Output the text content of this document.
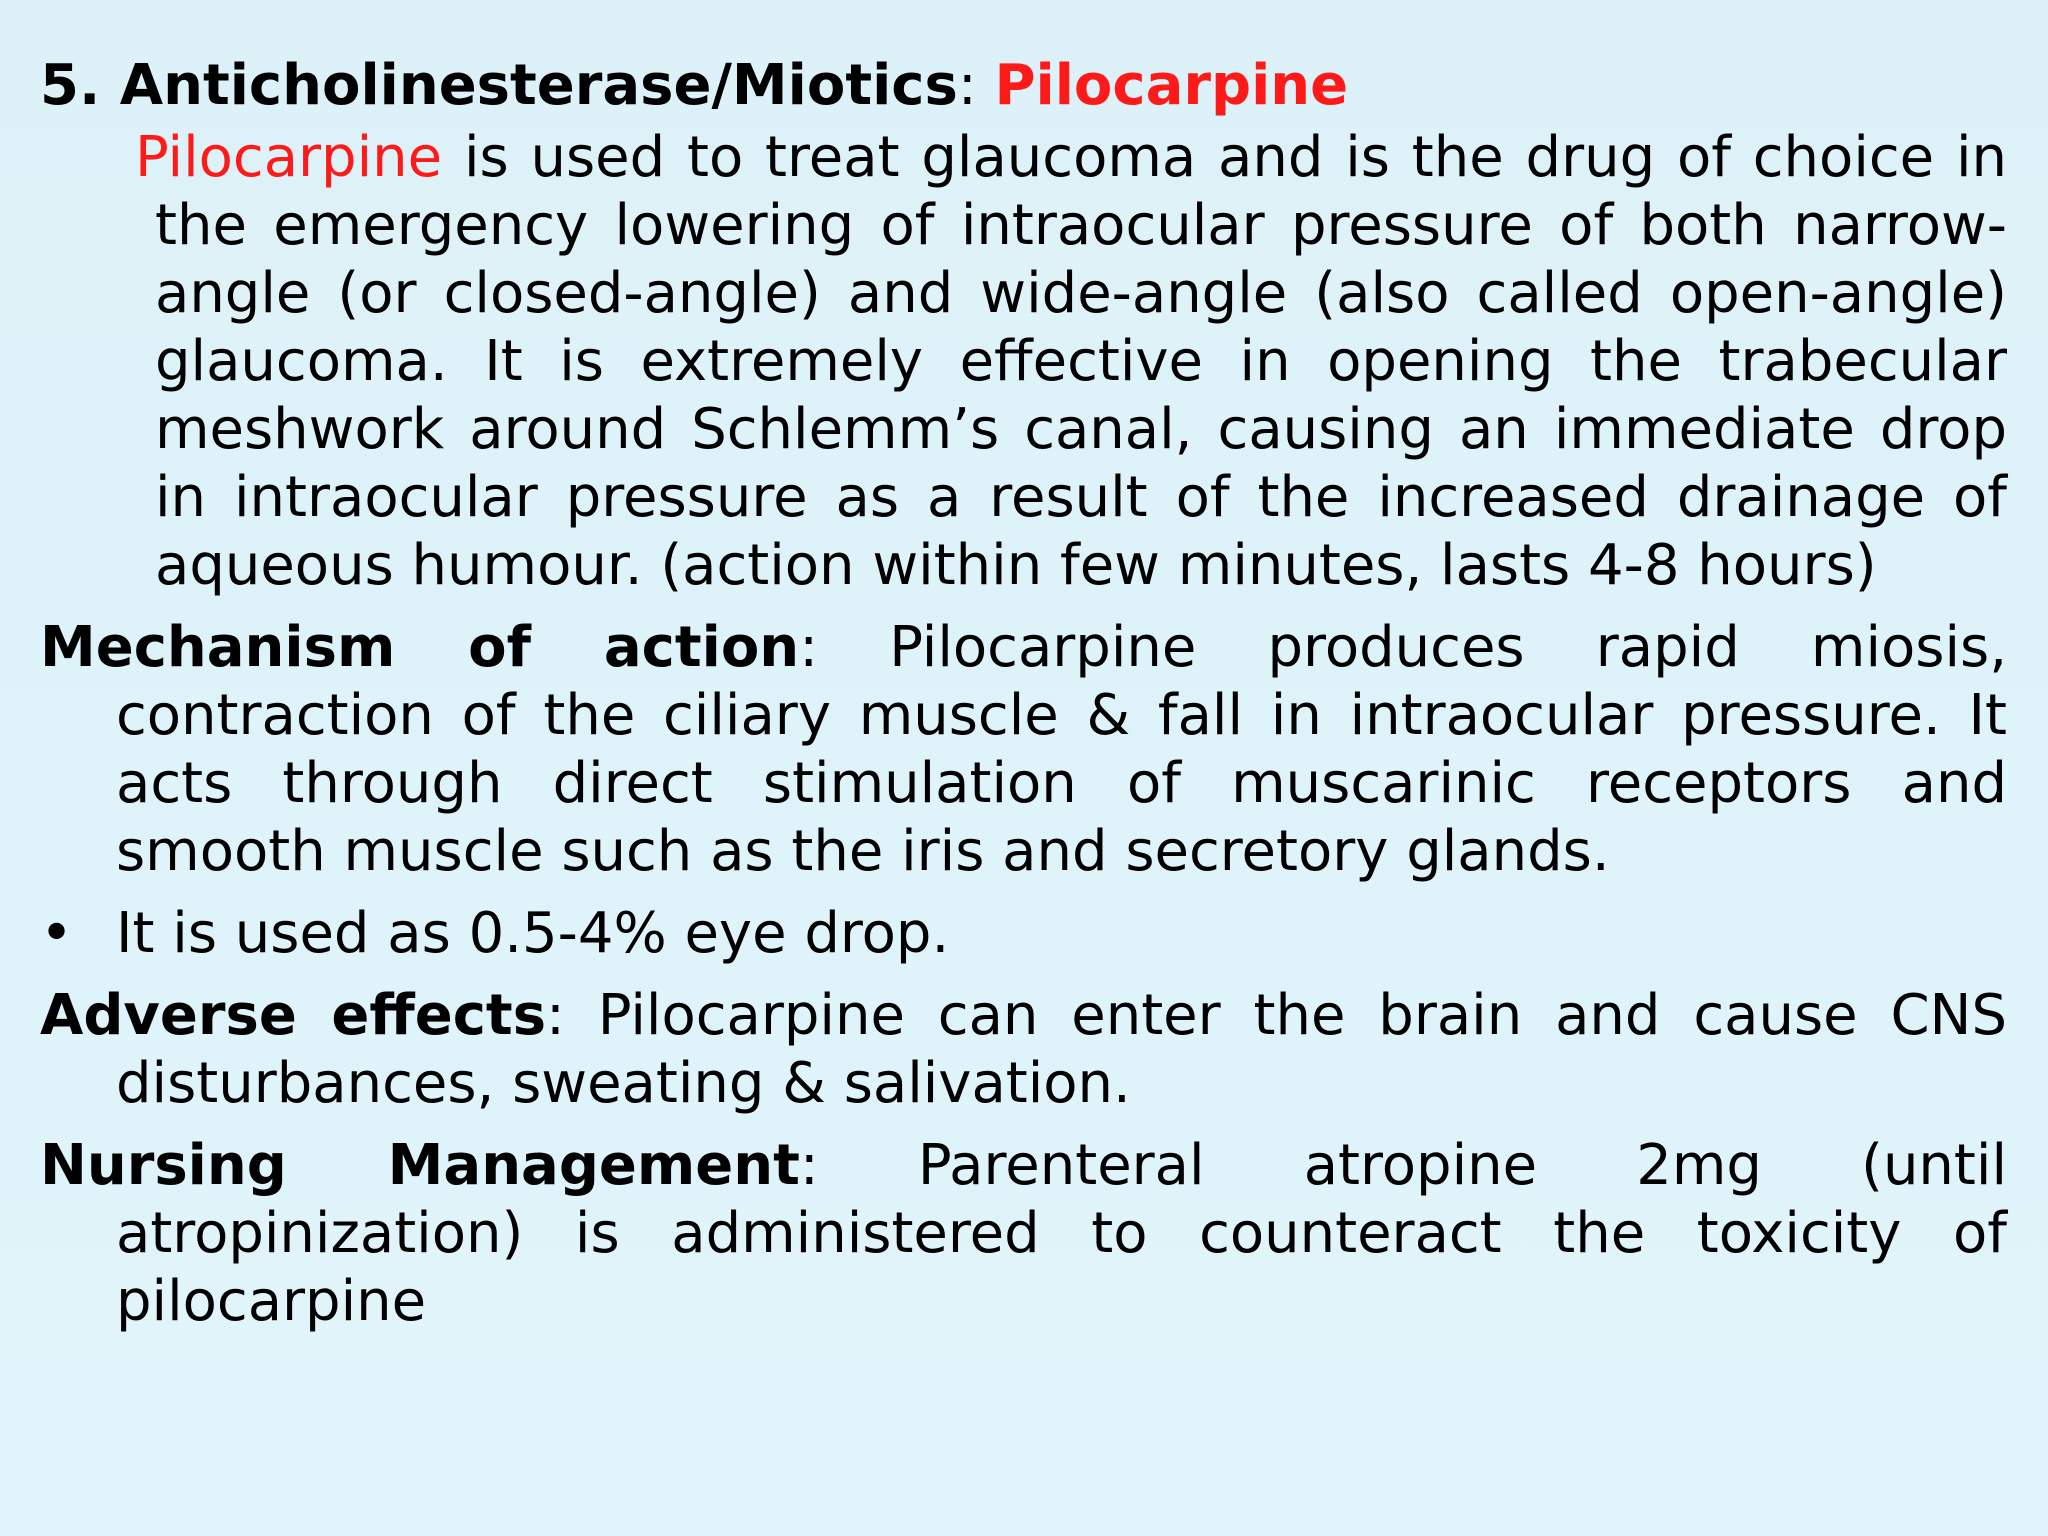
5. Anticholinesterase/Miotics: Pilocarpine

Pilocarpine is used to treat glaucoma and is the drug of choice in the emergency lowering of intraocular pressure of both narrow-angle (or closed-angle) and wide-angle (also called open-angle) glaucoma. It is extremely effective in opening the trabecular meshwork around Schlemm’s canal, causing an immediate drop in intraocular pressure as a result of the increased drainage of aqueous humour. (action within few minutes, lasts 4-8 hours)

Mechanism of action: Pilocarpine produces rapid miosis, contraction of the ciliary muscle & fall in intraocular pressure. It acts through direct stimulation of muscarinic receptors and smooth muscle such as the iris and secretory glands.

• It is used as 0.5-4% eye drop.

Adverse effects: Pilocarpine can enter the brain and cause CNS disturbances, sweating & salivation.

Nursing Management: Parenteral atropine 2mg (until atropinization) is administered to counteract the toxicity of pilocarpine
